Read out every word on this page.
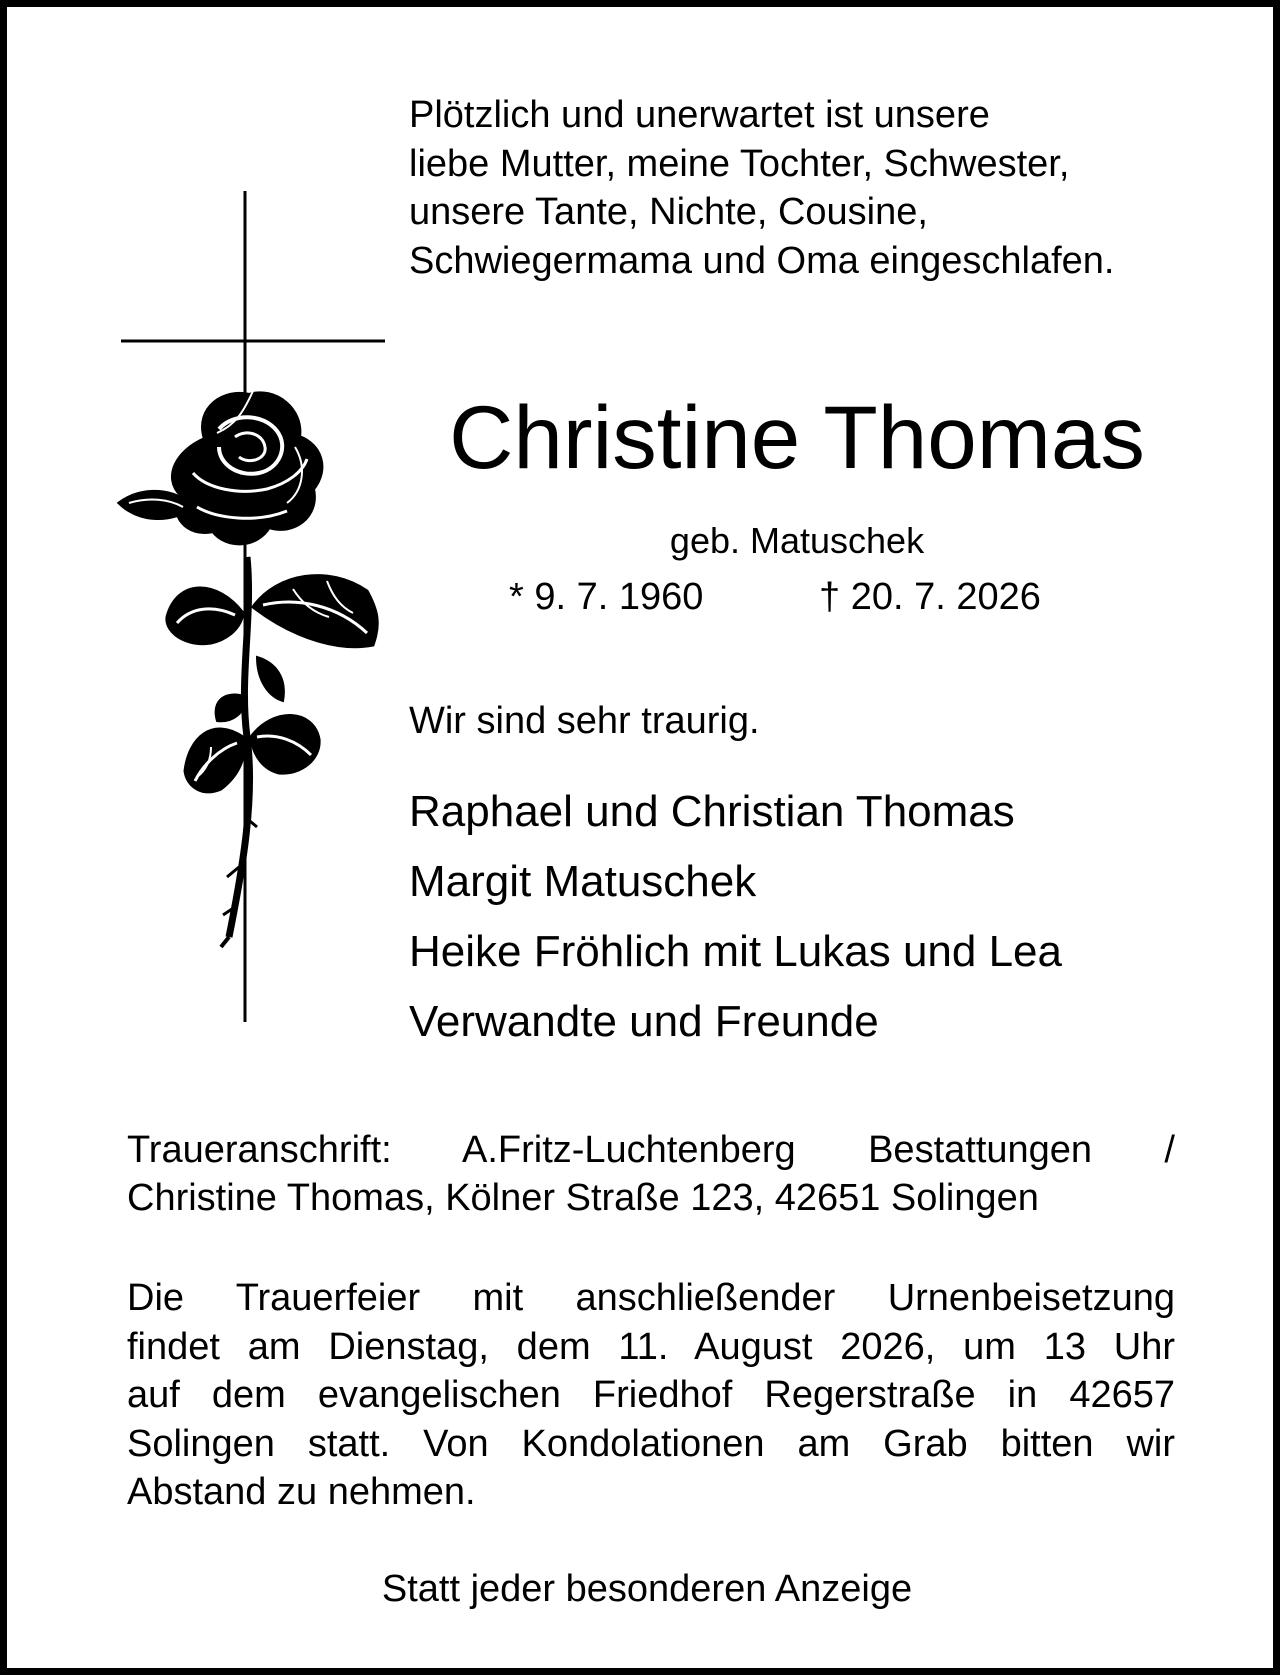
Plötzlich und unerwartet ist unsere
liebe Mutter, meine Tochter, Schwester,
unsere Tante, Nichte, Cousine,
Schwiegermama und Oma eingeschlafen.
Christine Thomas
geb. Matuschek
* 9. 7. 1960	† 20. 7. 2026
Wir sind sehr traurig.
Raphael und Christian Thomas
Margit Matuschek
Heike Fröhlich mit Lukas und Lea
Verwandte und Freunde
Traueranschrift: A.Fritz-Luchtenberg Bestattungen /
Christine Thomas, Kölner Straße 123, 42651 Solingen
Die Trauerfeier mit anschließender Urnenbeisetzung
findet am Dienstag, dem 11. August 2026, um 13 Uhr
auf dem evangelischen Friedhof Regerstraße in 42657
Solingen statt. Von Kondolationen am Grab bitten wir
Abstand zu nehmen.
Statt jeder besonderen Anzeige
